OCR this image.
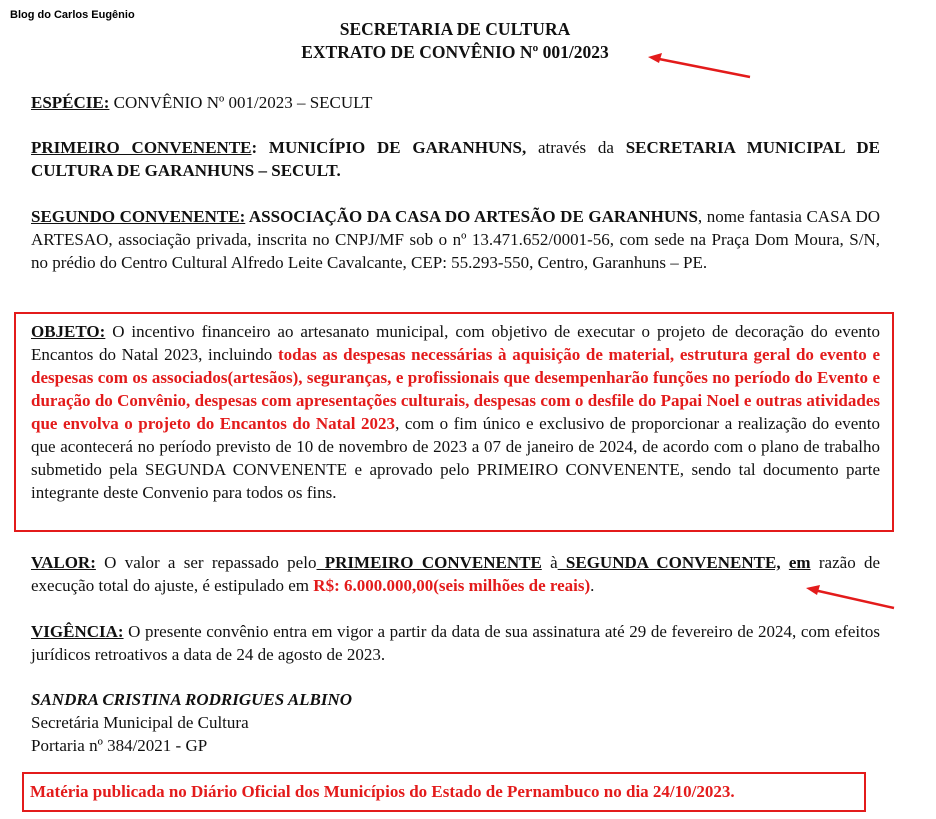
Blog do Carlos Eugênio
SECRETARIA DE CULTURA
EXTRATO DE CONVÊNIO Nº 001/2023
ESPÉCIE: CONVÊNIO Nº 001/2023 – SECULT
PRIMEIRO CONVENENTE: MUNICÍPIO DE GARANHUNS, através da SECRETARIA MUNICIPAL DE CULTURA DE GARANHUNS – SECULT.
SEGUNDO CONVENENTE: ASSOCIAÇÃO DA CASA DO ARTESÃO DE GARANHUNS, nome fantasia CASA DO ARTESAO, associação privada, inscrita no CNPJ/MF sob o nº 13.471.652/0001-56, com sede na Praça Dom Moura, S/N, no prédio do Centro Cultural Alfredo Leite Cavalcante, CEP: 55.293-550, Centro, Garanhuns – PE.
OBJETO: O incentivo financeiro ao artesanato municipal, com objetivo de executar o projeto de decoração do evento Encantos do Natal 2023, incluindo todas as despesas necessárias à aquisição de material, estrutura geral do evento e despesas com os associados(artesãos), seguranças, e profissionais que desempenharão funções no período do Evento e duração do Convênio, despesas com apresentações culturais, despesas com o desfile do Papai Noel e outras atividades que envolva o projeto do Encantos do Natal 2023, com o fim único e exclusivo de proporcionar a realização do evento que acontecerá no período previsto de 10 de novembro de 2023 a 07 de janeiro de 2024, de acordo com o plano de trabalho submetido pela SEGUNDA CONVENENTE e aprovado pelo PRIMEIRO CONVENENTE, sendo tal documento parte integrante deste Convenio para todos os fins.
VALOR: O valor a ser repassado pelo PRIMEIRO CONVENENTE à SEGUNDA CONVENENTE, em razão de execução total do ajuste, é estipulado em R$: 6.000.000,00(seis milhões de reais).
VIGÊNCIA: O presente convênio entra em vigor a partir da data de sua assinatura até 29 de fevereiro de 2024, com efeitos jurídicos retroativos a data de 24 de agosto de 2023.
SANDRA CRISTINA RODRIGUES ALBINO
Secretária Municipal de Cultura
Portaria nº 384/2021 - GP
Matéria publicada no Diário Oficial dos Municípios do Estado de Pernambuco no dia 24/10/2023.
